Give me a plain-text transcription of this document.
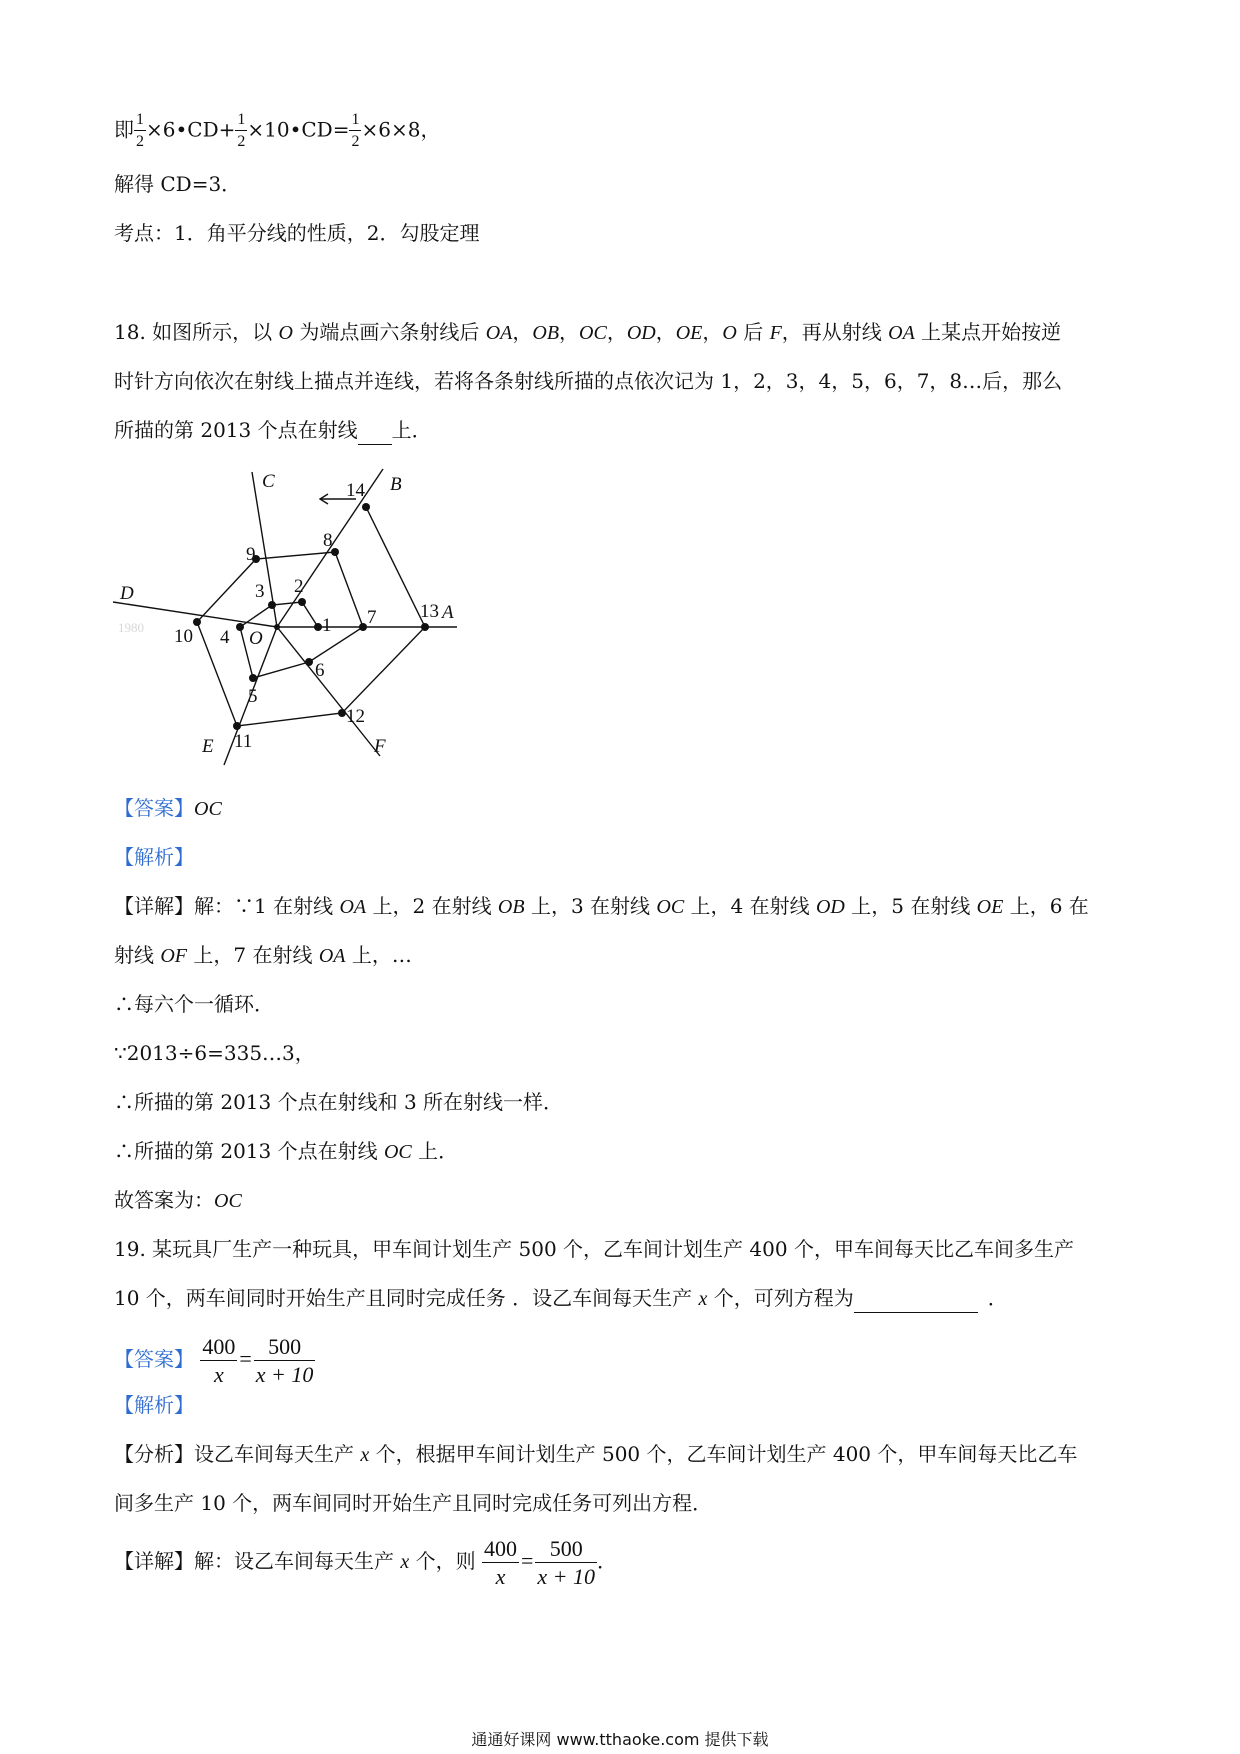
即 $\frac{1}{2}$ ×6•CD+ $\frac{1}{2}$ ×10•CD= $\frac{1}{2} \times 6\times 8$，
解得 CD=3．
考点：1．角平分线的性质，2．勾股定理
18. 如图所示，以 O 为端点画六条射线后 OA，OB，OC，OD，OE，O 后 F，再从射线 OA 上某点开始按逆
时针方向依次在射线上描点并连线，若将各条射线所描的点依次记为 1，2，3，4，5，6，7，8…后，那么
所描的第 2013 个点在射线 上．
A
B
C
D
E	F
O
1980	1
2
3
4
5
6
7
8
9
10
11
12
13
14
【答案】OC
【解析】
【详解】解：∵1 在射线 OA 上，2 在射线 OB 上，3 在射线 OC 上，4 在射线 OD 上，5 在射线 OE 上，6 在
射线 OF 上，7 在射线 OA 上，…
∴每六个一循环．
∵2013÷6=335…3，
∴所描的第 2013 个点在射线和 3 所在射线一样．
∴所描的第 2013 个点在射线 OC 上．
故答案为：OC
19. 某玩具厂生产一种玩具，甲车间计划生产 500 个，乙车间计划生产 400 个，甲车间每天比乙车间多生产
10 个，两车间同时开始生产且同时完成任务 ．设乙车间每天生产 x 个，可列方程为	．
【答案】 $\frac{400}{x} = \frac{500}{x + 10}$
【解析】
【分析】设乙车间每天生产 x 个，根据甲车间计划生产 500 个，乙车间计划生产 400 个，甲车间每天比乙车
间多生产 10 个，两车间同时开始生产且同时完成任务可列出方程．
【详解】解：设乙车间每天生产 x 个，则 $\frac{400}{x} = \frac{500}{x + 10}$ ．
通通好课网 www.tthaoke.com 提供下载
